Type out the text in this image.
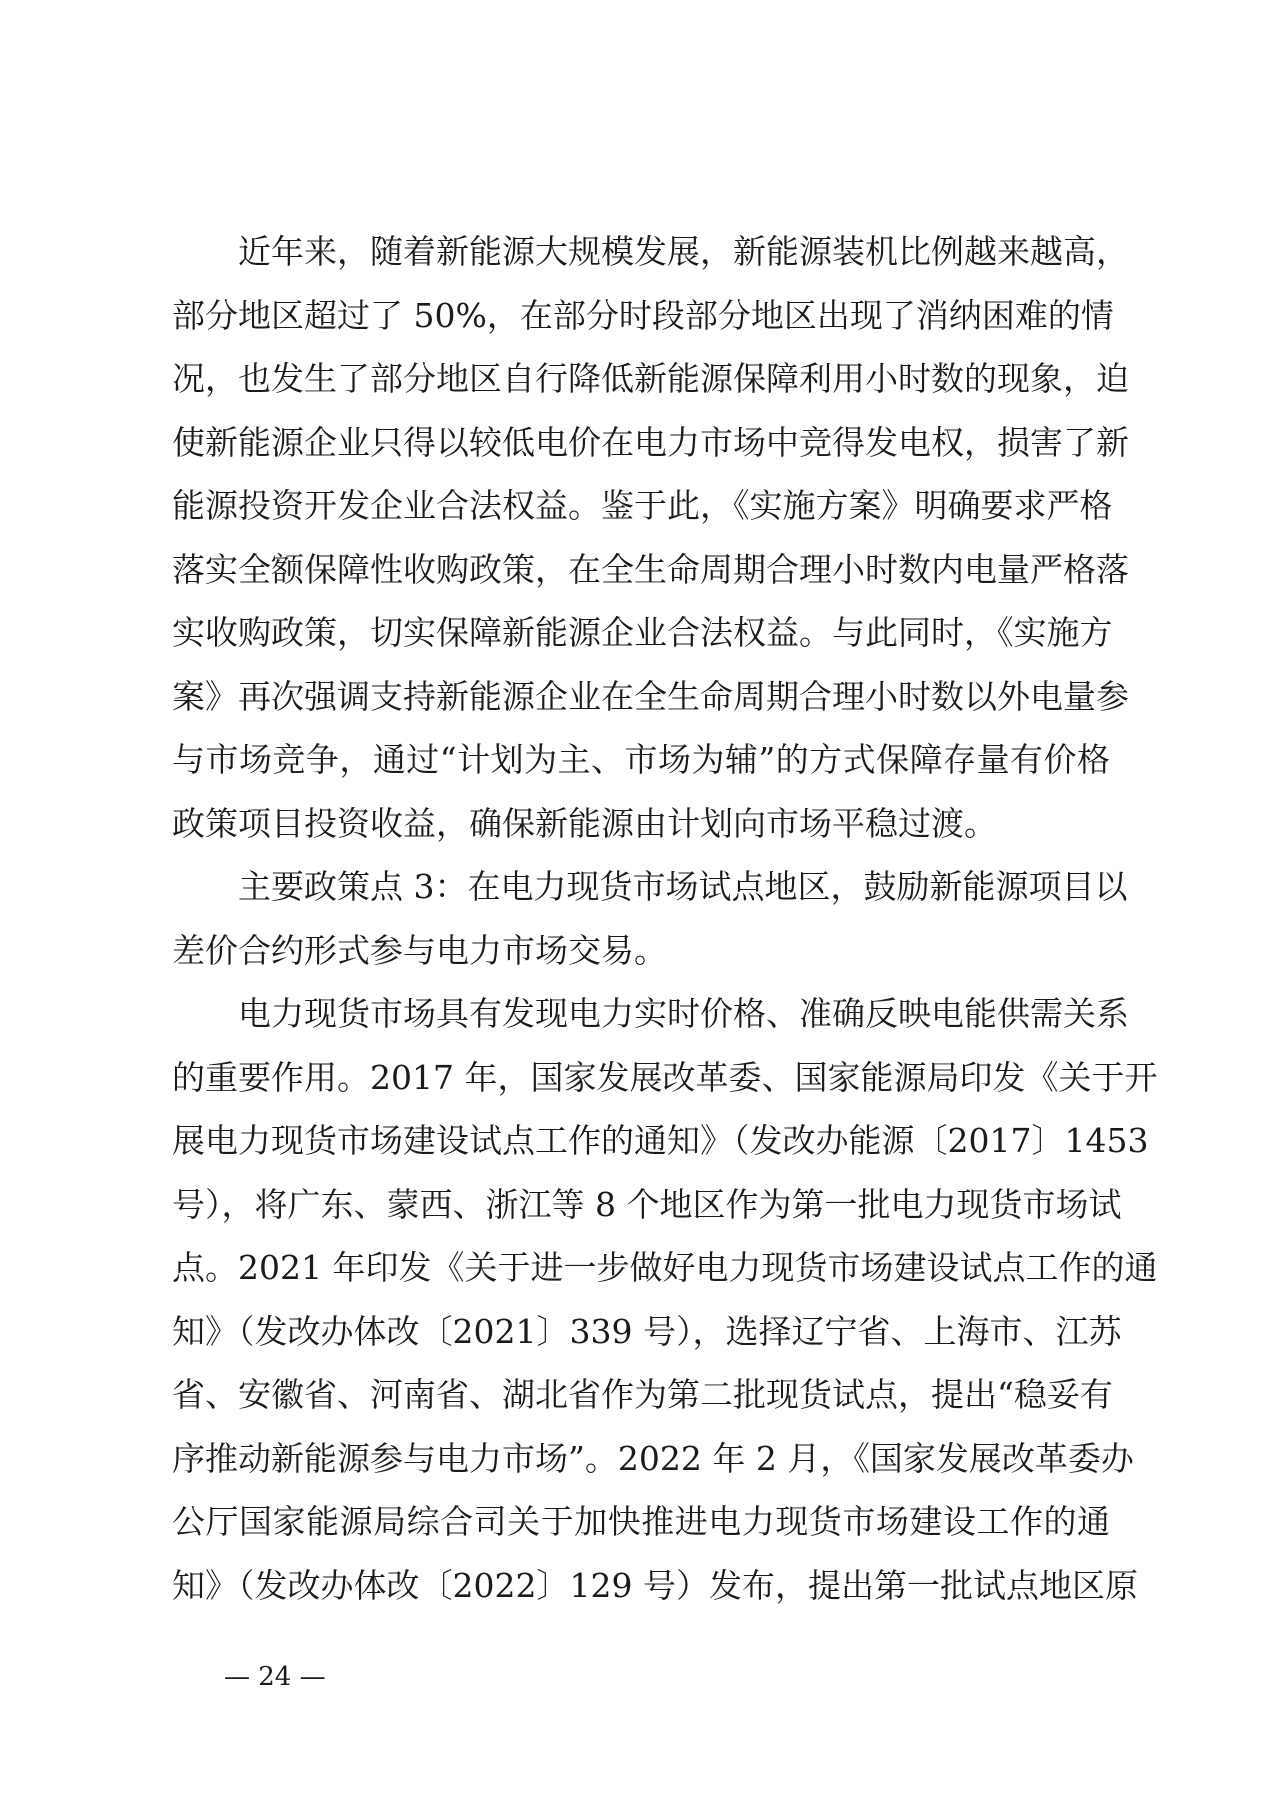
近年来，随着新能源大规模发展，新能源装机比例越来越高，
部分地区超过了 50%，在部分时段部分地区出现了消纳困难的情
况，也发生了部分地区自行降低新能源保障利用小时数的现象，迫
使新能源企业只得以较低电价在电力市场中竞得发电权，损害了新
能源投资开发企业合法权益。鉴于此，《实施方案》明确要求严格
落实全额保障性收购政策，在全生命周期合理小时数内电量严格落
实收购政策，切实保障新能源企业合法权益。与此同时，《实施方
案》再次强调支持新能源企业在全生命周期合理小时数以外电量参
与市场竞争，通过“计划为主、市场为辅”的方式保障存量有价格
政策项目投资收益，确保新能源由计划向市场平稳过渡。
主要政策点 3：在电力现货市场试点地区，鼓励新能源项目以
差价合约形式参与电力市场交易。
电力现货市场具有发现电力实时价格、准确反映电能供需关系
的重要作用。2017 年，国家发展改革委、国家能源局印发《关于开
展电力现货市场建设试点工作的通知》（发改办能源〔2017〕1453
号），将广东、蒙西、浙江等 8 个地区作为第一批电力现货市场试
点。2021 年印发《关于进一步做好电力现货市场建设试点工作的通
知》（发改办体改〔2021〕339 号），选择辽宁省、上海市、江苏
省、安徽省、河南省、湖北省作为第二批现货试点，提出“稳妥有
序推动新能源参与电力市场”。2022 年 2 月，《国家发展改革委办
公厅国家能源局综合司关于加快推进电力现货市场建设工作的通
知》（发改办体改〔2022〕129 号）发布，提出第一批试点地区原
— 24 —
